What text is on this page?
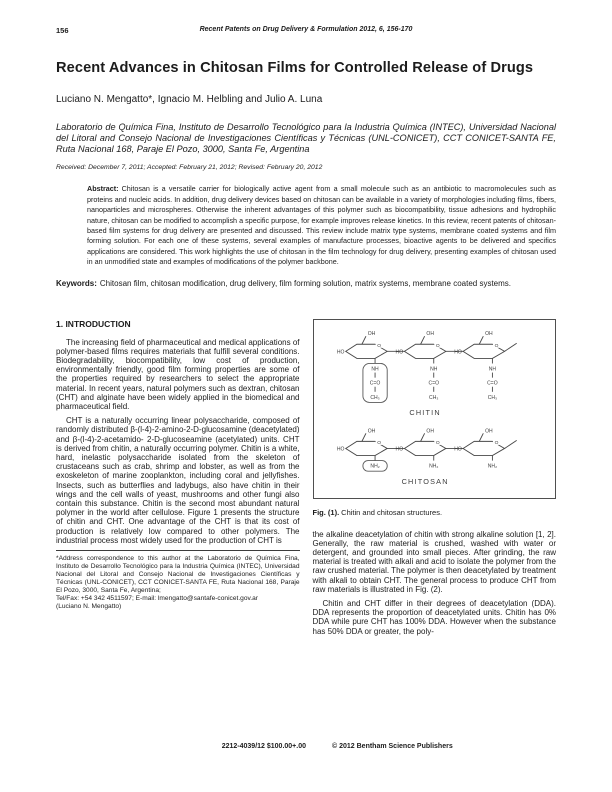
156	Recent Patents on Drug Delivery & Formulation 2012, 6, 156-170
Recent Advances in Chitosan Films for Controlled Release of Drugs
Luciano N. Mengatto*, Ignacio M. Helbling and Julio A. Luna
Laboratorio de Química Fina, Instituto de Desarrollo Tecnológico para la Industria Química (INTEC), Universidad Nacional del Litoral and Consejo Nacional de Investigaciones Científicas y Técnicas (UNL-CONICET), CCT CONICET-SANTA FE, Ruta Nacional 168, Paraje El Pozo, 3000, Santa Fe, Argentina
Received: December 7, 2011; Accepted: February 21, 2012; Revised: February 20, 2012
Abstract: Chitosan is a versatile carrier for biologically active agent from a small molecule such as an antibiotic to macromolecules such as proteins and nucleic acids. In addition, drug delivery devices based on chitosan can be available in a variety of morphologies including films, fibers, nanoparticles and microspheres. Otherwise the inherent advantages of this polymer such as biocompatibility, tissue adhesions and hydrophilic nature, chitosan can be modified to accomplish a specific purpose, for example improves release kinetics. In this review, recent patents of chitosan-based film systems for drug delivery are presented and discussed. This review include matrix type systems, membrane coated systems and film forming solution. For each one of these systems, several examples of manufacture processes, bioactive agents to be delivered and specifics applications are considered. This work highlights the use of chitosan in the film technology for drug delivery, presenting examples of chitosan used in an unmodified state and examples of modifications of the polymer backbone.
Keywords: Chitosan film, chitosan modification, drug delivery, film forming solution, matrix systems, membrane coated systems.
1. INTRODUCTION

The increasing field of pharmaceutical and medical applications of polymer-based films requires materials that fulfill several conditions. Biodegradability, biocompatibility, low cost of production, environmentally friendly, good film forming properties are some of the properties required by researchers to select the appropriate material. In recent years, natural polymers such as dextran, chitosan (CHT) and alginate have been widely applied in the biomedical and pharmaceutical field.

CHT is a naturally occurring linear polysaccharide, composed of randomly distributed β-(l-4)-2-amino-2-D-glucosamine (deacetylated) and β-(l-4)-2-acetamido- 2-D-glucoseamine (acetylated) units. CHT is derived from chitin, a naturally occurring polymer. Chitin is a white, hard, inelastic polysaccharide isolated from the skeleton of crustaceans such as crab, shrimp and lobster, as well as from the exoskeleton of marine zooplankton, including coral and jellyfishes. Insects, such as butterflies and ladybugs, also have chitin in their wings and the cell walls of yeast, mushrooms and other fungi also contain this substance. Chitin is the second most abundant natural polymer in the world after cellulose. Figure 1 presents the structure of chitin and CHT. One advantage of the CHT is that its cost of production is relatively low compared to other polymers. The industrial process most widely used for the production of CHT is

*Address correspondence to this author at the Laboratorio de Química Fina, Instituto de Desarrollo Tecnológico para la Industria Química (INTEC), Universidad Nacional del Litoral and Consejo Nacional de Investigaciones Científicas y Técnicas (UNL-CONICET), CCT CONICET-SANTA FE, Ruta Nacional 168, Paraje El Pozo, 3000, Santa Fe, Argentina;
Tel/Fax: +54 342 4511597; E-mail: lmengatto@santafe-conicet.gov.ar
(Luciano N. Mengatto)
O
OH
HO
NH
C=O
CH₃
O
OH
HO
NH
C=O
CH₃
O
OH
HO
NH
C=O
CH₃
CHITIN
O
OH
HO
NH₂
O
OH
HO
NH₂
O
OH
HO
NH₂
CHITOSAN
Fig. (1). Chitin and chitosan structures.

the alkaline deacetylation of chitin with strong alkaline solution [1, 2]. Generally, the raw material is crushed, washed with water or detergent, and grounded into small pieces. After grinding, the raw material is treated with alkali and acid to isolate the polymer from the raw crushed material. The polymer is then deacetylated by treatment with alkali to obtain CHT. The general process to produce CHT from raw materials is illustrated in Fig. (2).

Chitin and CHT differ in their degrees of deacetylation (DDA). DDA represents the proportion of deacetylated units. Chitin has 0% DDA while pure CHT has 100% DDA. However when the substance has 50% DDA or greater, the poly-

2212-4039/12 $100.00+.00	© 2012 Bentham Science Publishers
